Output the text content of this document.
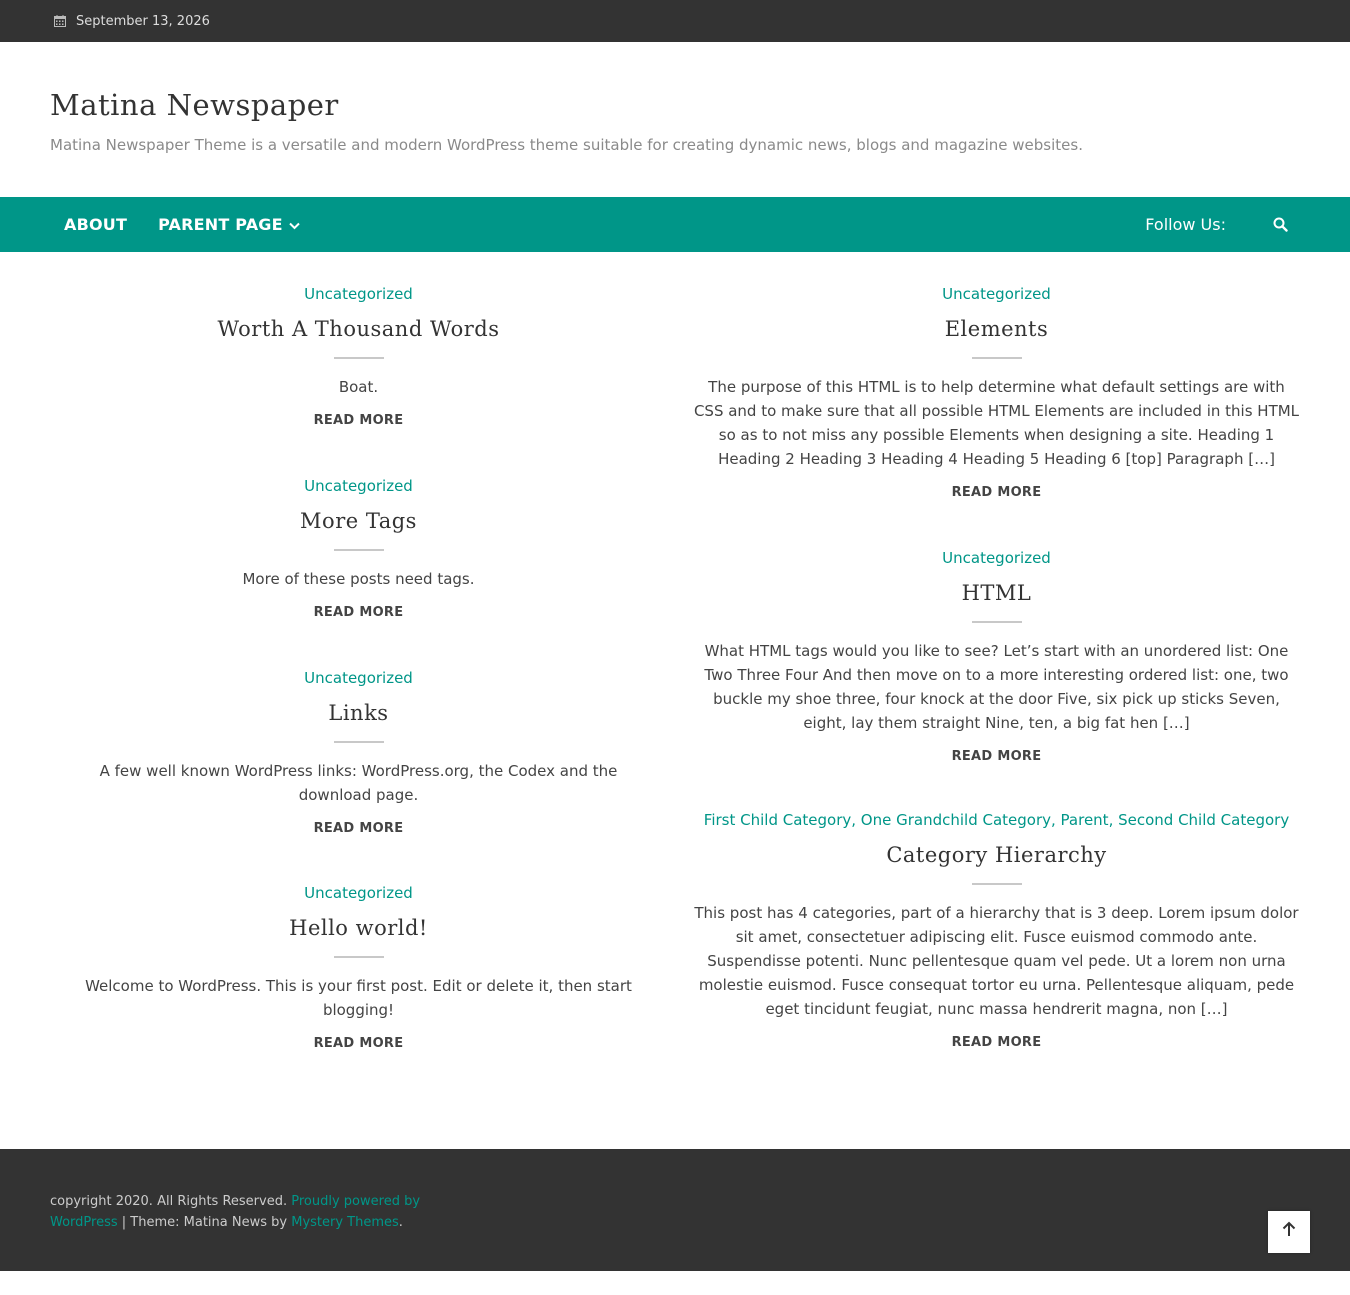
September 13, 2026
Matina Newspaper
Matina Newspaper Theme is a versatile and modern WordPress theme suitable for creating dynamic news, blogs and magazine websites.
ABOUT PARENT PAGE	Follow Us:
Uncategorized
Worth A Thousand Words

Boat.

READ MORE
Uncategorized
More Tags

More of these posts need tags.

READ MORE
Uncategorized
Links

A few well known WordPress links: WordPress.org, the Codex and the download page.

READ MORE
Uncategorized
Hello world!

Welcome to WordPress. This is your first post. Edit or delete it, then start blogging!

READ MORE
Uncategorized
Elements

The purpose of this HTML is to help determine what default settings are with CSS and to make sure that all possible HTML Elements are included in this HTML so as to not miss any possible Elements when designing a site. Heading 1 Heading 2 Heading 3 Heading 4 Heading 5 Heading 6 [top] Paragraph […]

READ MORE
Uncategorized
HTML

What HTML tags would you like to see? Let’s start with an unordered list: One Two Three Four And then move on to a more interesting ordered list: one, two buckle my shoe three, four knock at the door Five, six pick up sticks Seven, eight, lay them straight Nine, ten, a big fat hen […]

READ MORE
First Child Category, One Grandchild Category, Parent, Second Child Category
Category Hierarchy

This post has 4 categories, part of a hierarchy that is 3 deep. Lorem ipsum dolor sit amet, consectetuer adipiscing elit. Fusce euismod commodo ante. Suspendisse potenti. Nunc pellentesque quam vel pede. Ut a lorem non urna molestie euismod. Fusce consequat tortor eu urna. Pellentesque aliquam, pede eget tincidunt feugiat, nunc massa hendrerit magna, non […]

READ MORE
copyright 2020. All Rights Reserved. Proudly powered by WordPress | Theme: Matina News by Mystery Themes.
